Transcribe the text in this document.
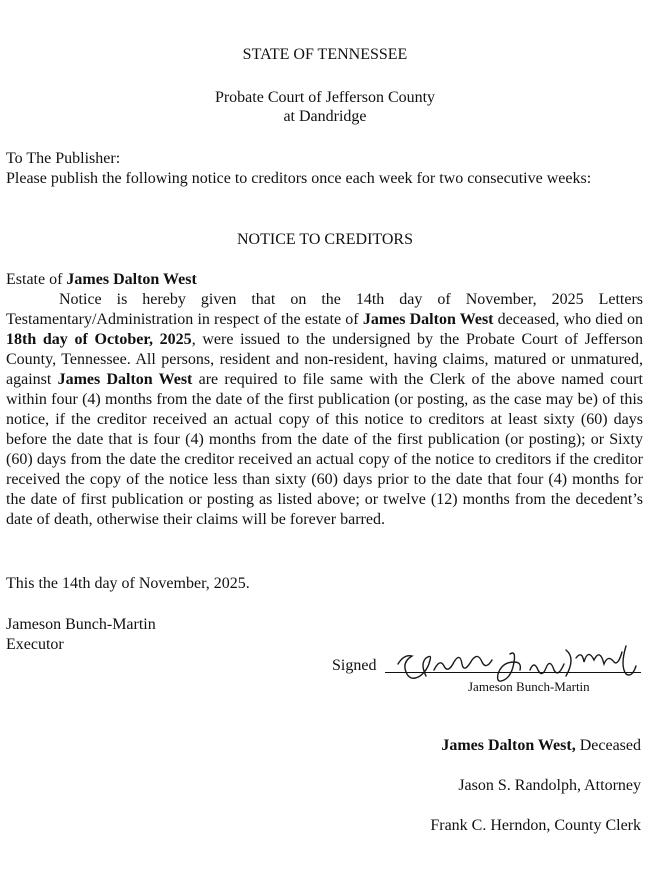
STATE OF TENNESSEE
Probate Court of Jefferson County
at Dandridge
To The Publisher:
Please publish the following notice to creditors once each week for two consecutive weeks:
NOTICE TO CREDITORS
Estate of James Dalton West
Notice is hereby given that on the 14th day of November, 2025 Letters Testamentary/Administration in respect of the estate of James Dalton West deceased, who died on 18th day of October, 2025, were issued to the undersigned by the Probate Court of Jefferson County, Tennessee. All persons, resident and non-resident, having claims, matured or unmatured, against James Dalton West are required to file same with the Clerk of the above named court within four (4) months from the date of the first publication (or posting, as the case may be) of this notice, if the creditor received an actual copy of this notice to creditors at least sixty (60) days before the date that is four (4) months from the date of the first publication (or posting); or Sixty (60) days from the date the creditor received an actual copy of the notice to creditors if the creditor received the copy of the notice less than sixty (60) days prior to the date that four (4) months for the date of first publication or posting as listed above; or twelve (12) months from the decedent’s date of death, otherwise their claims will be forever barred.
This the 14th day of November, 2025.
Jameson Bunch-Martin
Executor
Signed
Jameson Bunch-Martin
James Dalton West, Deceased
Jason S. Randolph, Attorney
Frank C. Herndon, County Clerk
